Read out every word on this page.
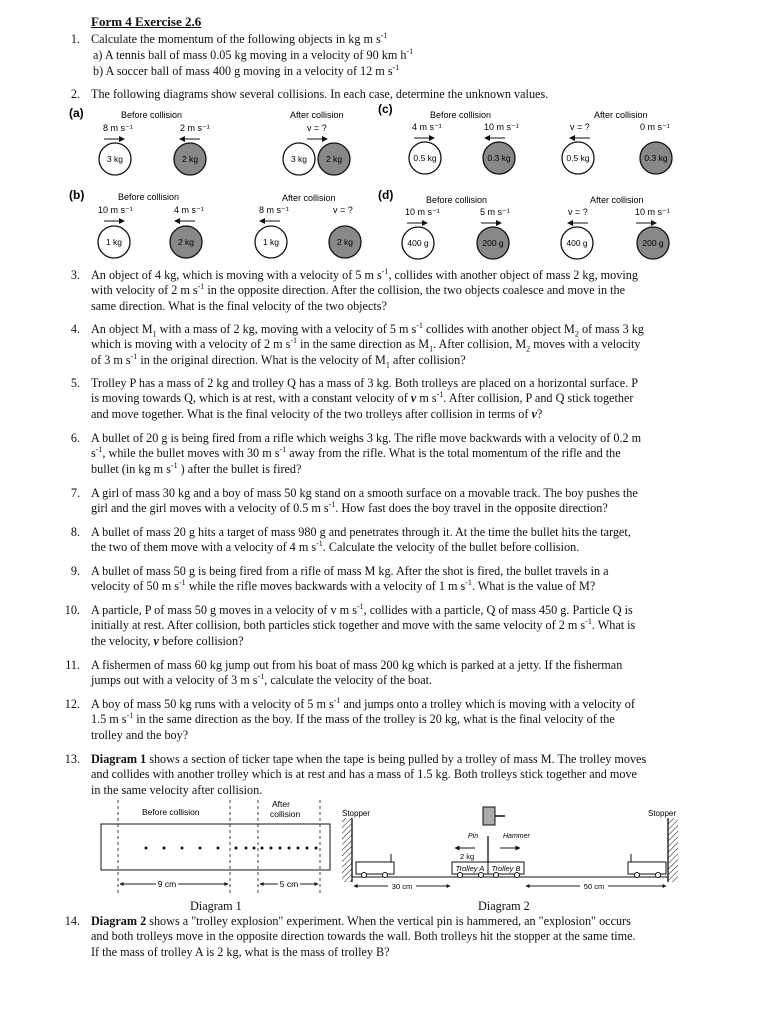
Form 4 Exercise 2.6
1. Calculate the momentum of the following objects in kg m $s^{-1}$
a) A tennis ball of mass 0.05 kg moving in a velocity of 90 km $h^{-1}$
b) A soccer ball of mass 400 g moving in a velocity of 12 m $s^{-1}$
2. The following diagrams show several collisions. In each case, determine the unknown values.
(a)	Before collision	After collision
8 m s⁻¹	2 m s⁻¹	v = ?
3 kg	2 kg	3 kg 2 kg
(c)	Before collision	After collision
4 m s⁻¹	10 m s⁻¹	v = ?	0 m s⁻¹
0.5 kg	0.3 kg	0.5 kg	0.3 kg
(b)	Before collision	After collision
10 m s⁻¹	4 m s⁻¹	8 m s⁻¹	v = ?
1 kg	2 kg	1 kg	2 kg
(d)	Before collision	After collision
10 m s⁻¹	5 m s⁻¹	v = ?	10 m s⁻¹
400 g	200 g	400 g	200 g
3. An object of 4 kg, which is moving with a velocity of 5 m $s^{-1}$, collides with another object of mass 2 kg, moving
with velocity of 2 m $s^{-1}$ in the opposite direction. After the collision, the two objects coalesce and move in the
same direction. What is the final velocity of the two objects?
4. An object $M_1$ with a mass of 2 kg, moving with a velocity of 5 m $s^{-1}$ collides with another object $M_2$ of mass 3 kg
which is moving with a velocity of 2 m $s^{-1}$ in the same direction as $M_1$. After collision, $M_2$ moves with a velocity
of 3 m $s^{-1}$ in the original direction. What is the velocity of $M_1$ after collision?
5. Trolley P has a mass of 2 kg and trolley Q has a mass of 3 kg. Both trolleys are placed on a horizontal surface. P
is moving towards Q, which is at rest, with a constant velocity of v m $s^{-1}$. After collision, P and Q stick together
and move together. What is the final velocity of the two trolleys after collision in terms of v?
6. A bullet of 20 g is being fired from a rifle which weighs 3 kg. The rifle move backwards with a velocity of 0.2 m
$s^{-1}$, while the bullet moves with 30 m $s^{-1}$ away from the rifle. What is the total momentum of the rifle and the
bullet (in kg m $s^{-1}$ ) after the bullet is fired?
7. A girl of mass 30 kg and a boy of mass 50 kg stand on a smooth surface on a movable track. The boy pushes the
girl and the girl moves with a velocity of 0.5 m $s^{-1}$. How fast does the boy travel in the opposite direction?
8. A bullet of mass 20 g hits a target of mass 980 g and penetrates through it. At the time the bullet hits the target,
the two of them move with a velocity of 4 m $s^{-1}$. Calculate the velocity of the bullet before collision.
9. A bullet of mass 50 g is being fired from a rifle of mass M kg. After the shot is fired, the bullet travels in a
velocity of 50 m $s^{-1}$ while the rifle moves backwards with a velocity of 1 m $s^{-1}$. What is the value of M?
10. A particle, P of mass 50 g moves in a velocity of v m $s^{-1}$, collides with a particle, Q of mass 450 g. Particle Q is
initially at rest. After collision, both particles stick together and move with the same velocity of 2 m $s^{-1}$. What is
the velocity, v before collision?
11. A fishermen of mass 60 kg jump out from his boat of mass 200 kg which is parked at a jetty. If the fisherman
jumps out with a velocity of 3 m $s^{-1}$, calculate the velocity of the boat.
12. A boy of mass 50 kg runs with a velocity of 5 m $s^{-1}$ and jumps onto a trolley which is moving with a velocity of
1.5 m $s^{-1}$ in the same direction as the boy. If the mass of the trolley is 20 kg, what is the final velocity of the
trolley and the boy?
13. Diagram 1 shows a section of ticker tape when the tape is being pulled by a trolley of mass M. The trolley moves
and collides with another trolley which is at rest and has a mass of 1.5 kg. Both trolleys stick together and move
in the same velocity after collision.
Before collision
After
collision
9 cm	5 cm
Stopper	Stopper
Trolley A Trolley B
2 kg
Pin	Hammer
30 cm	50 cm
Diagram 1	Diagram 2
14. Diagram 2 shows a "trolley explosion" experiment. When the vertical pin is hammered, an "explosion" occurs
and both trolleys move in the opposite direction towards the wall. Both trolleys hit the stopper at the same time.
If the mass of trolley A is 2 kg, what is the mass of trolley B?
